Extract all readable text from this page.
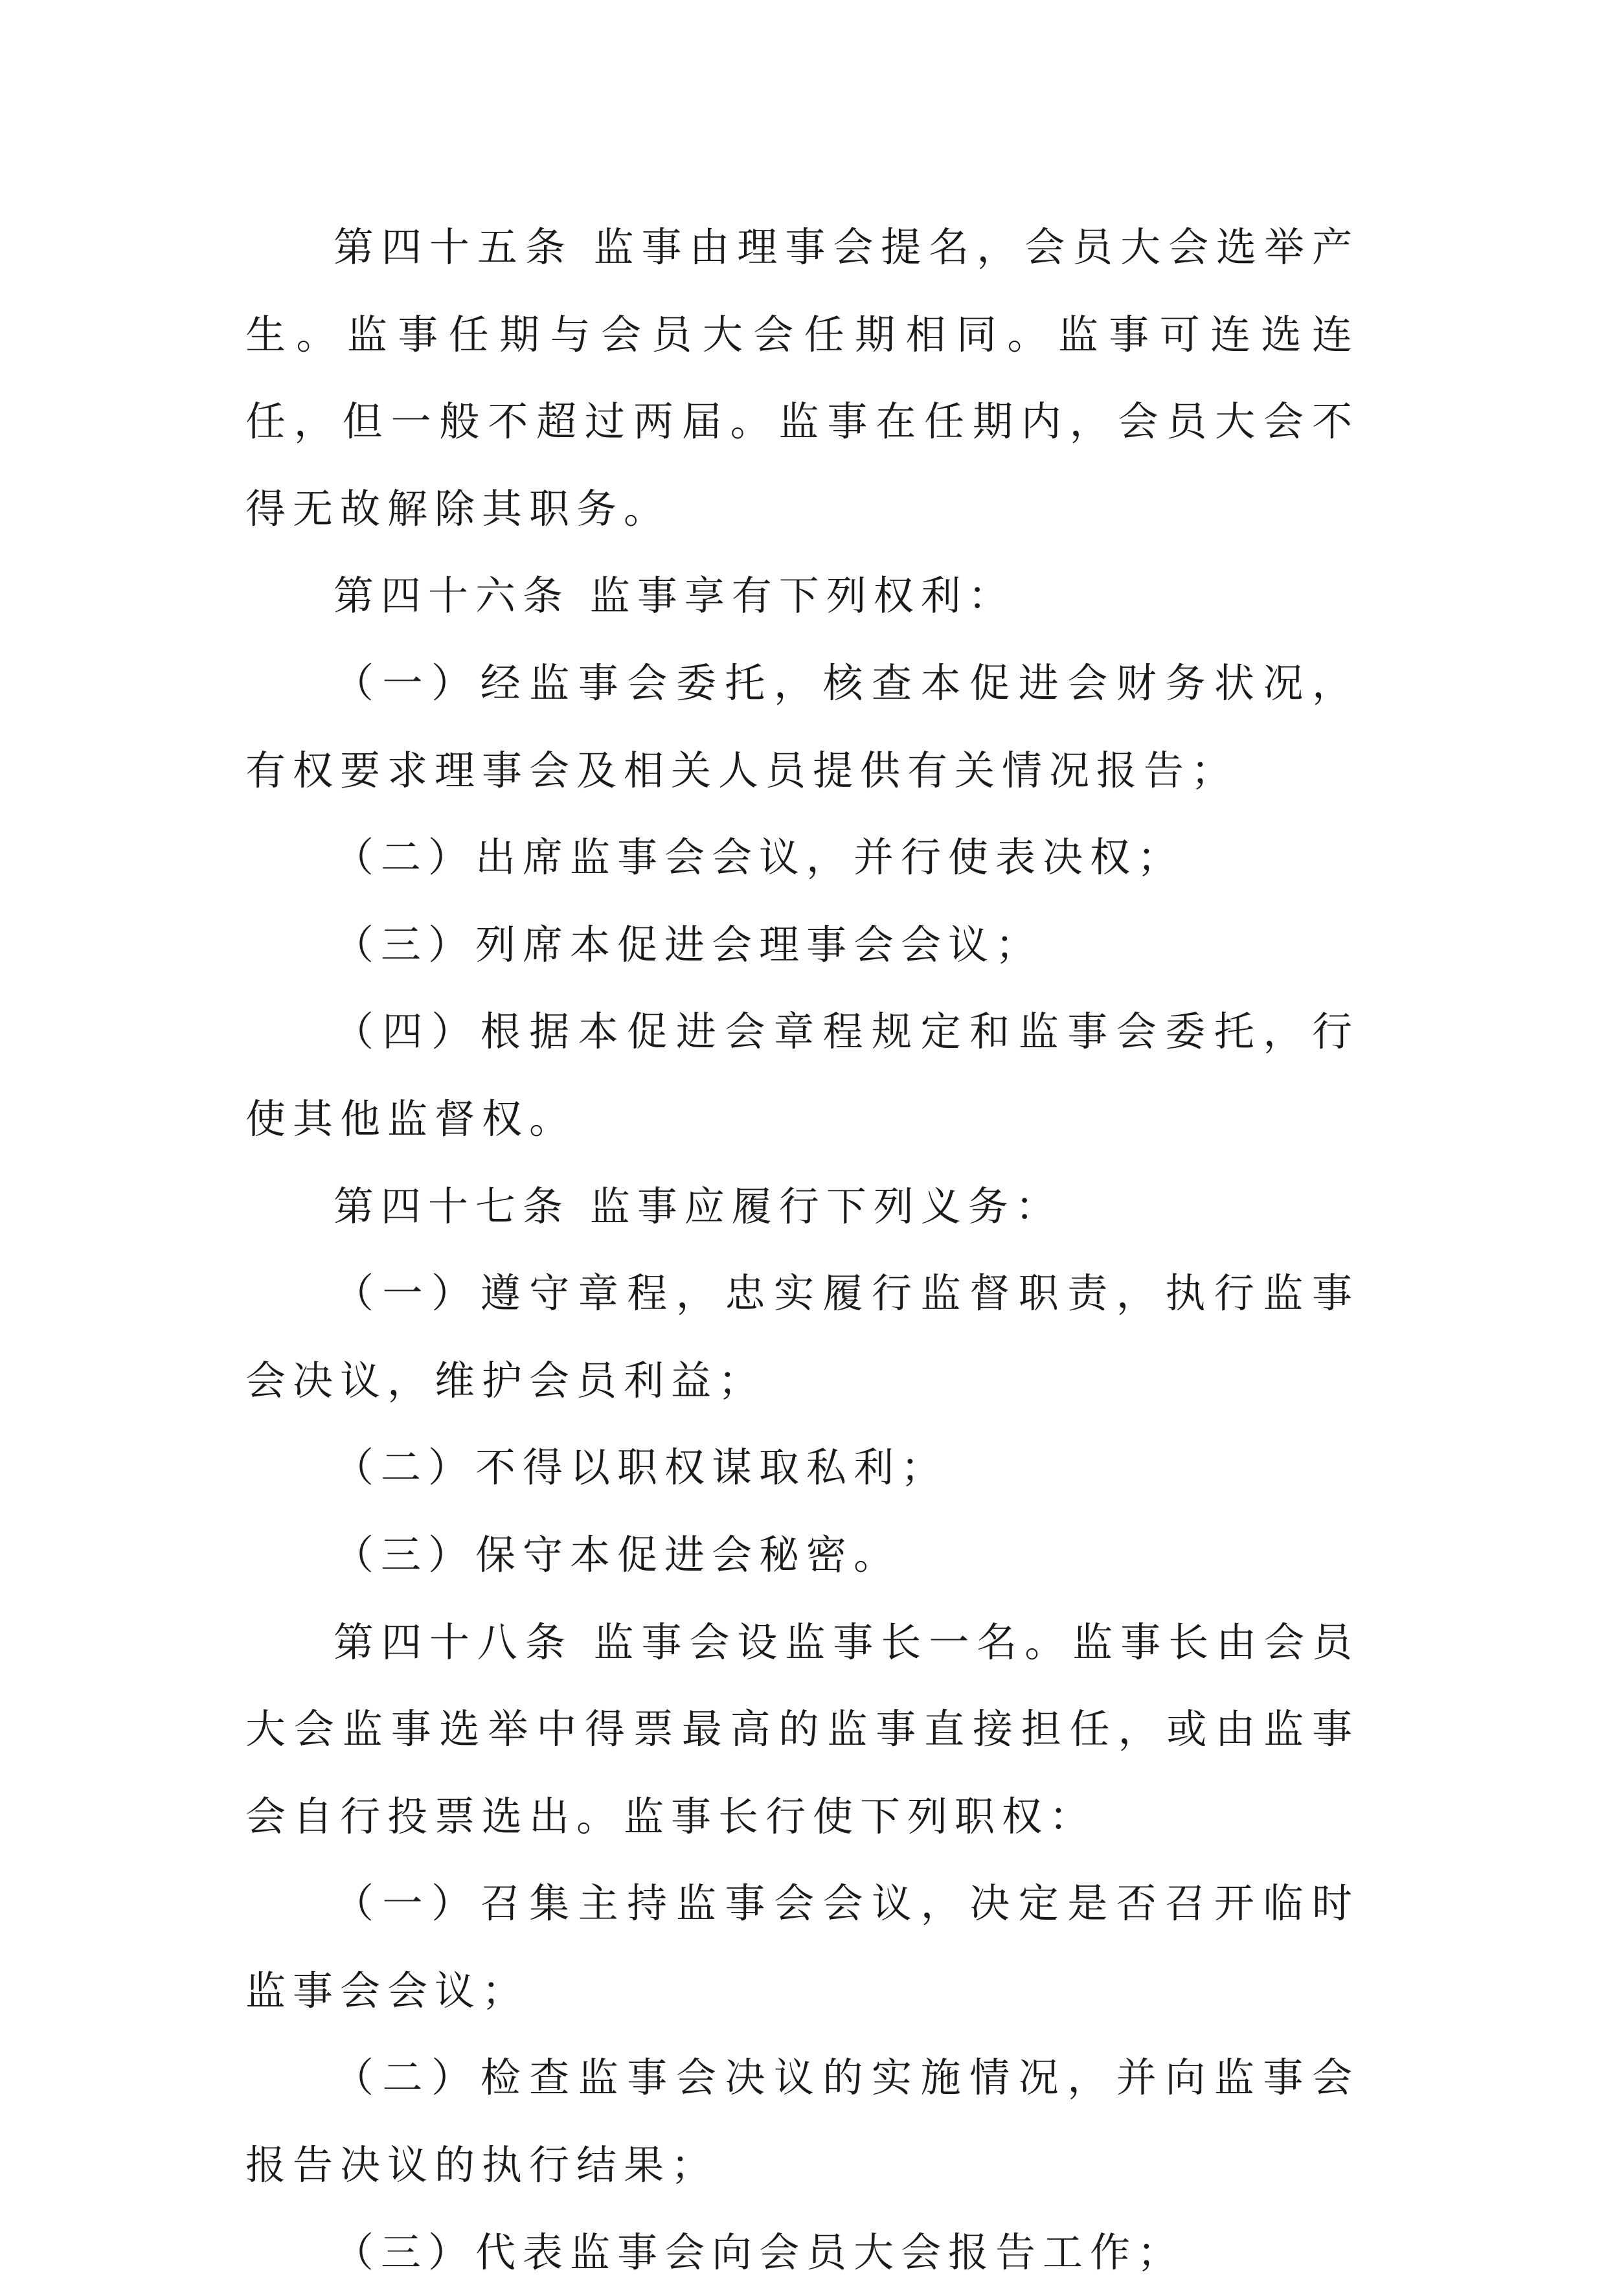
第四十五条 监事由理事会提名，会员大会选举产生。监事任期与会员大会任期相同。监事可连选连任，但一般不超过两届。监事在任期内，会员大会不得无故解除其职务。

第四十六条 监事享有下列权利：

（一）经监事会委托，核查本促进会财务状况，有权要求理事会及相关人员提供有关情况报告；

（二）出席监事会会议，并行使表决权；

（三）列席本促进会理事会会议；

（四）根据本促进会章程规定和监事会委托，行使其他监督权。

第四十七条 监事应履行下列义务：

（一）遵守章程，忠实履行监督职责，执行监事会决议，维护会员利益；

（二）不得以职权谋取私利；

（三）保守本促进会秘密。

第四十八条 监事会设监事长一名。监事长由会员大会监事选举中得票最高的监事直接担任，或由监事会自行投票选出。监事长行使下列职权：

（一）召集主持监事会会议，决定是否召开临时监事会会议；

（二）检查监事会决议的实施情况，并向监事会报告决议的执行结果；

（三）代表监事会向会员大会报告工作；
